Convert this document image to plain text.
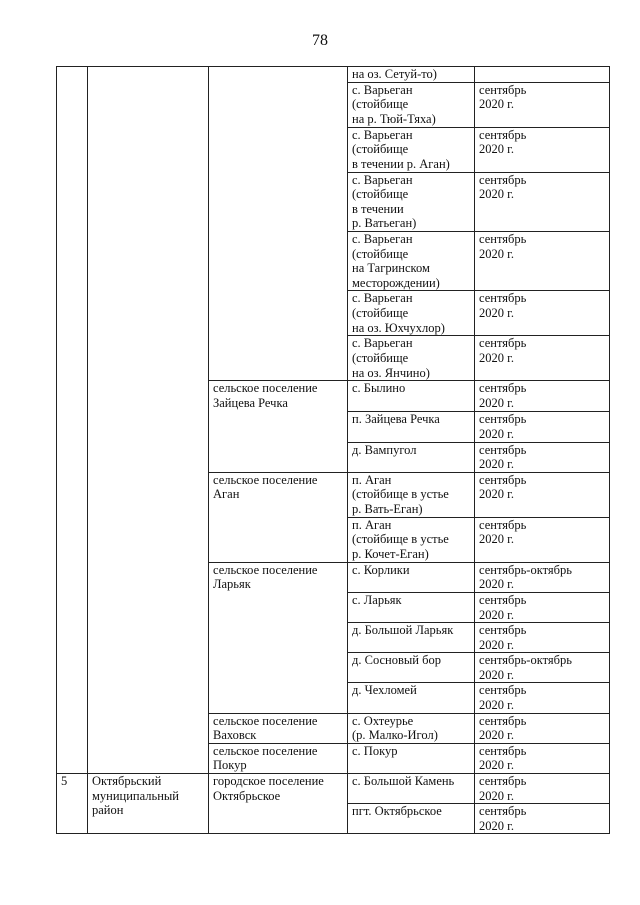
78
			на оз. Сетуй-то)	
			с. Варьеган
(стойбище
на р. Тюй-Тяха)	сентябрь
2020 г.
			с. Варьеган
(стойбище
в течении р. Аган)	сентябрь
2020 г.
			с. Варьеган
(стойбище
в течении
р. Ватьеган)	сентябрь
2020 г.
			с. Варьеган
(стойбище
на Тагринском
месторождении)	сентябрь
2020 г.
			с. Варьеган
(стойбище
на оз. Юхчухлор)	сентябрь
2020 г.
			с. Варьеган
(стойбище
на оз. Янчино)	сентябрь
2020 г.
		сельское поселение
Зайцева Речка	с. Былино	сентябрь
2020 г.
			п. Зайцева Речка	сентябрь
2020 г.
			д. Вампугол	сентябрь
2020 г.
		сельское поселение
Аган	п. Аган
(стойбище в устье
р. Вать-Еган)	сентябрь
2020 г.
			п. Аган
(стойбище в устье
р. Кочет-Еган)	сентябрь
2020 г.
		сельское поселение
Ларьяк	с. Корлики	сентябрь-октябрь
2020 г.
			с. Ларьяк	сентябрь
2020 г.
			д. Большой Ларьяк	сентябрь
2020 г.
			д. Сосновый бор	сентябрь-октябрь
2020 г.
			д. Чехломей	сентябрь
2020 г.
		сельское поселение
Ваховск	с. Охтеурье
(р. Малко-Игол)	сентябрь
2020 г.
		сельское поселение
Покур	с. Покур	сентябрь
2020 г.
5	Октябрьский
муниципальный
район	городское поселение
Октябрьское	с. Большой Камень	сентябрь
2020 г.
			пгт. Октябрьское	сентябрь
2020 г.
